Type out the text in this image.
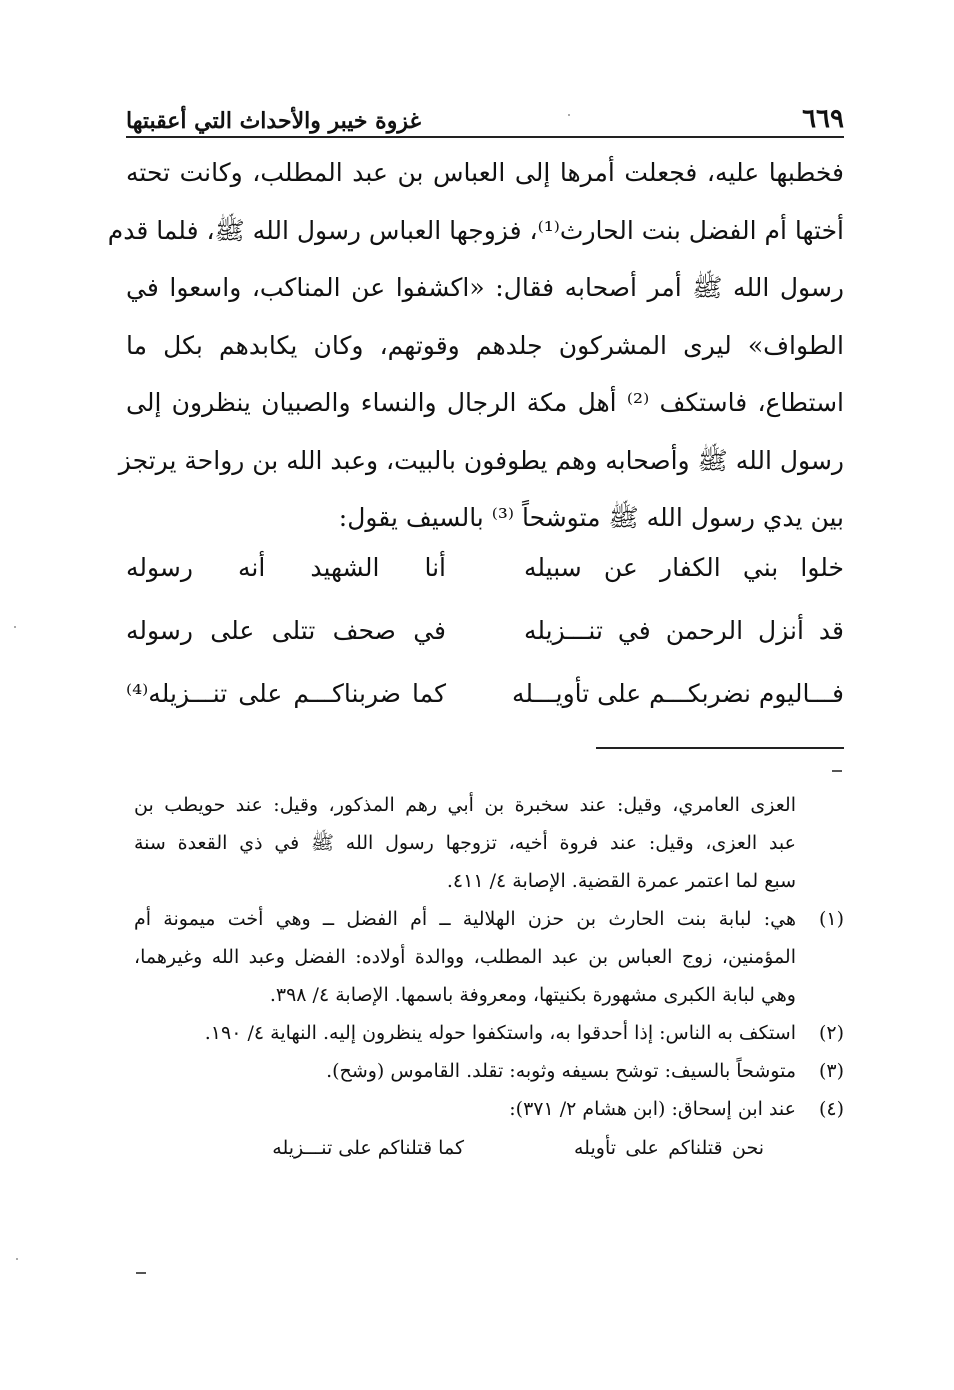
٦٦٩
غزوة خيبر والأحداث التي أعقبتها
فخطبها عليه، فجعلت أمرها إلى العباس بن عبد المطلب، وكانت تحته
أختها أم الفضل بنت الحارث⁽¹⁾، فزوجها العباس رسول الله ﷺ، فلما قدم
رسول الله ﷺ أمر أصحابه فقال: «اكشفوا عن المناكب، واسعوا في
الطواف» ليرى المشركون جلدهم وقوتهم، وكان يكابدهم بكل ما
استطاع، فاستكف ⁽²⁾ أهل مكة الرجال والنساء والصبيان ينظرون إلى
رسول الله ﷺ وأصحابه وهم يطوفون بالبيت، وعبد الله بن رواحة يرتجز
بين يدي رسول الله ﷺ متوشحاً ⁽³⁾ بالسيف يقول:
خلوا بني الكفار عن سبيله
أنا الشهيد أنه رسوله
قد أنزل الرحمن في تنـــزيله
في صحف تتلى على رسوله
فـــاليوم نضربكـــم على تأويـــله
كما ضربناكـــم على تنـــزيله⁽⁴⁾
العزى العامري، وقيل: عند سخبرة بن أبي رهم المذكور، وقيل: عند حويطب بن
عبد العزى، وقيل: عند فروة أخيه، تزوجها رسول الله ﷺ في ذي القعدة سنة
سبع لما اعتمر عمرة القضية. الإصابة ٤/ ٤١١.
(١)هي: لبابة بنت الحارث بن حزن الهلالية ــ أم الفضل ــ وهي أخت ميمونة أم
المؤمنين، زوج العباس بن عبد المطلب، ووالدة أولاده: الفضل وعبد الله وغيرهما،
وهي لبابة الكبرى مشهورة بكنيتها، ومعروفة باسمها. الإصابة ٤/ ٣٩٨.
(٢)استكف به الناس: إذا أحدقوا به، واستكفوا حوله ينظرون إليه. النهاية ٤/ ١٩٠.
(٣)متوشحاً بالسيف: توشح بسيفه وثوبه: تقلد. القاموس (وشح).
(٤)عند ابن إسحاق: (ابن هشام ٢/ ٣٧١):
نحن قتلناكم على تأويله
كما قتلناكم على تنـــزيله
